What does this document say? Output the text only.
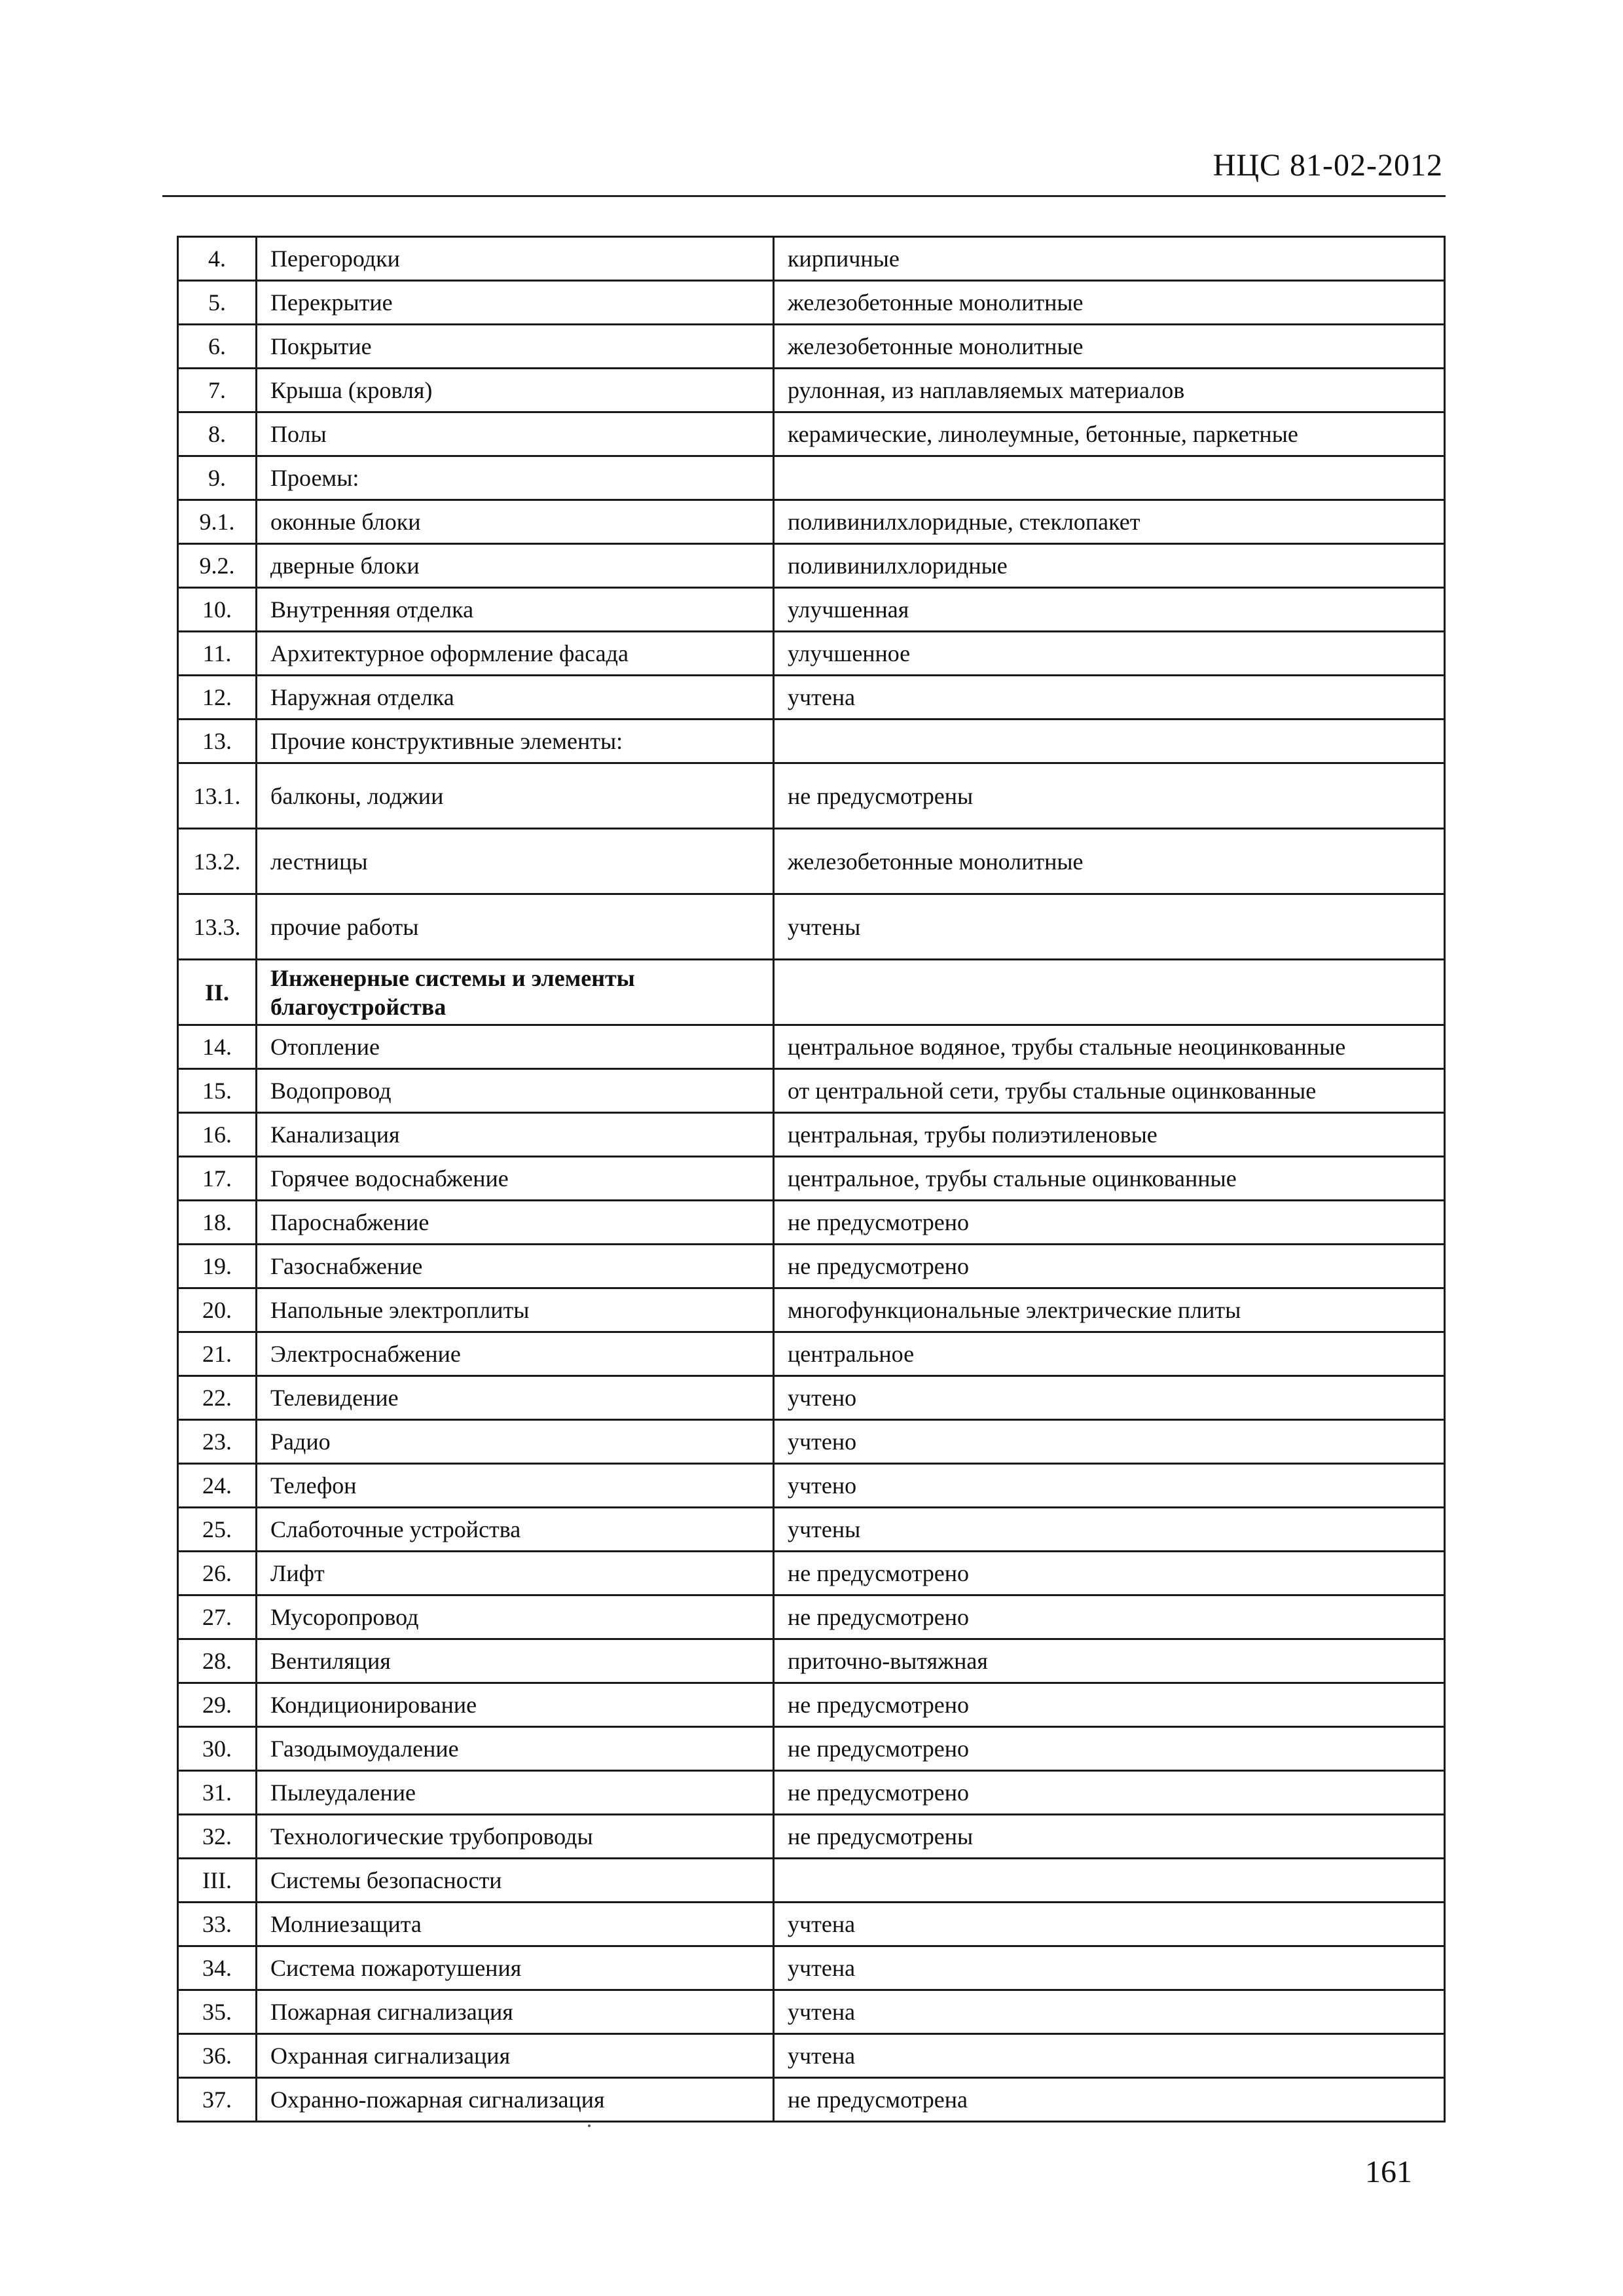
НЦС 81-02-2012
4.	Перегородки	кирпичные
5.	Перекрытие	железобетонные монолитные
6.	Покрытие	железобетонные монолитные
7.	Крыша (кровля)	рулонная, из наплавляемых материалов
8.	Полы	керамические, линолеумные, бетонные, паркетные
9.	Проемы:	
9.1.	оконные блоки	поливинилхлоридные, стеклопакет
9.2.	дверные блоки	поливинилхлоридные
10.	Внутренняя отделка	улучшенная
11.	Архитектурное оформление фасада	улучшенное
12.	Наружная отделка	учтена
13.	Прочие конструктивные элементы:	
13.1.	балконы, лоджии	не предусмотрены
13.2.	лестницы	железобетонные монолитные
13.3.	прочие работы	учтены
II.	Инженерные системы и элементы благоустройства	
14.	Отопление	центральное водяное, трубы стальные неоцинкованные
15.	Водопровод	от центральной сети, трубы стальные оцинкованные
16.	Канализация	центральная, трубы полиэтиленовые
17.	Горячее водоснабжение	центральное, трубы стальные оцинкованные
18.	Пароснабжение	не предусмотрено
19.	Газоснабжение	не предусмотрено
20.	Напольные электроплиты	многофункциональные электрические плиты
21.	Электроснабжение	центральное
22.	Телевидение	учтено
23.	Радио	учтено
24.	Телефон	учтено
25.	Слаботочные устройства	учтены
26.	Лифт	не предусмотрено
27.	Мусоропровод	не предусмотрено
28.	Вентиляция	приточно-вытяжная
29.	Кондиционирование	не предусмотрено
30.	Газодымоудаление	не предусмотрено
31.	Пылеудаление	не предусмотрено
32.	Технологические трубопроводы	не предусмотрены
III.	Системы безопасности	
33.	Молниезащита	учтена
34.	Система пожаротушения	учтена
35.	Пожарная сигнализация	учтена
36.	Охранная сигнализация	учтена
37.	Охранно-пожарная сигнализация	не предусмотрена
161
